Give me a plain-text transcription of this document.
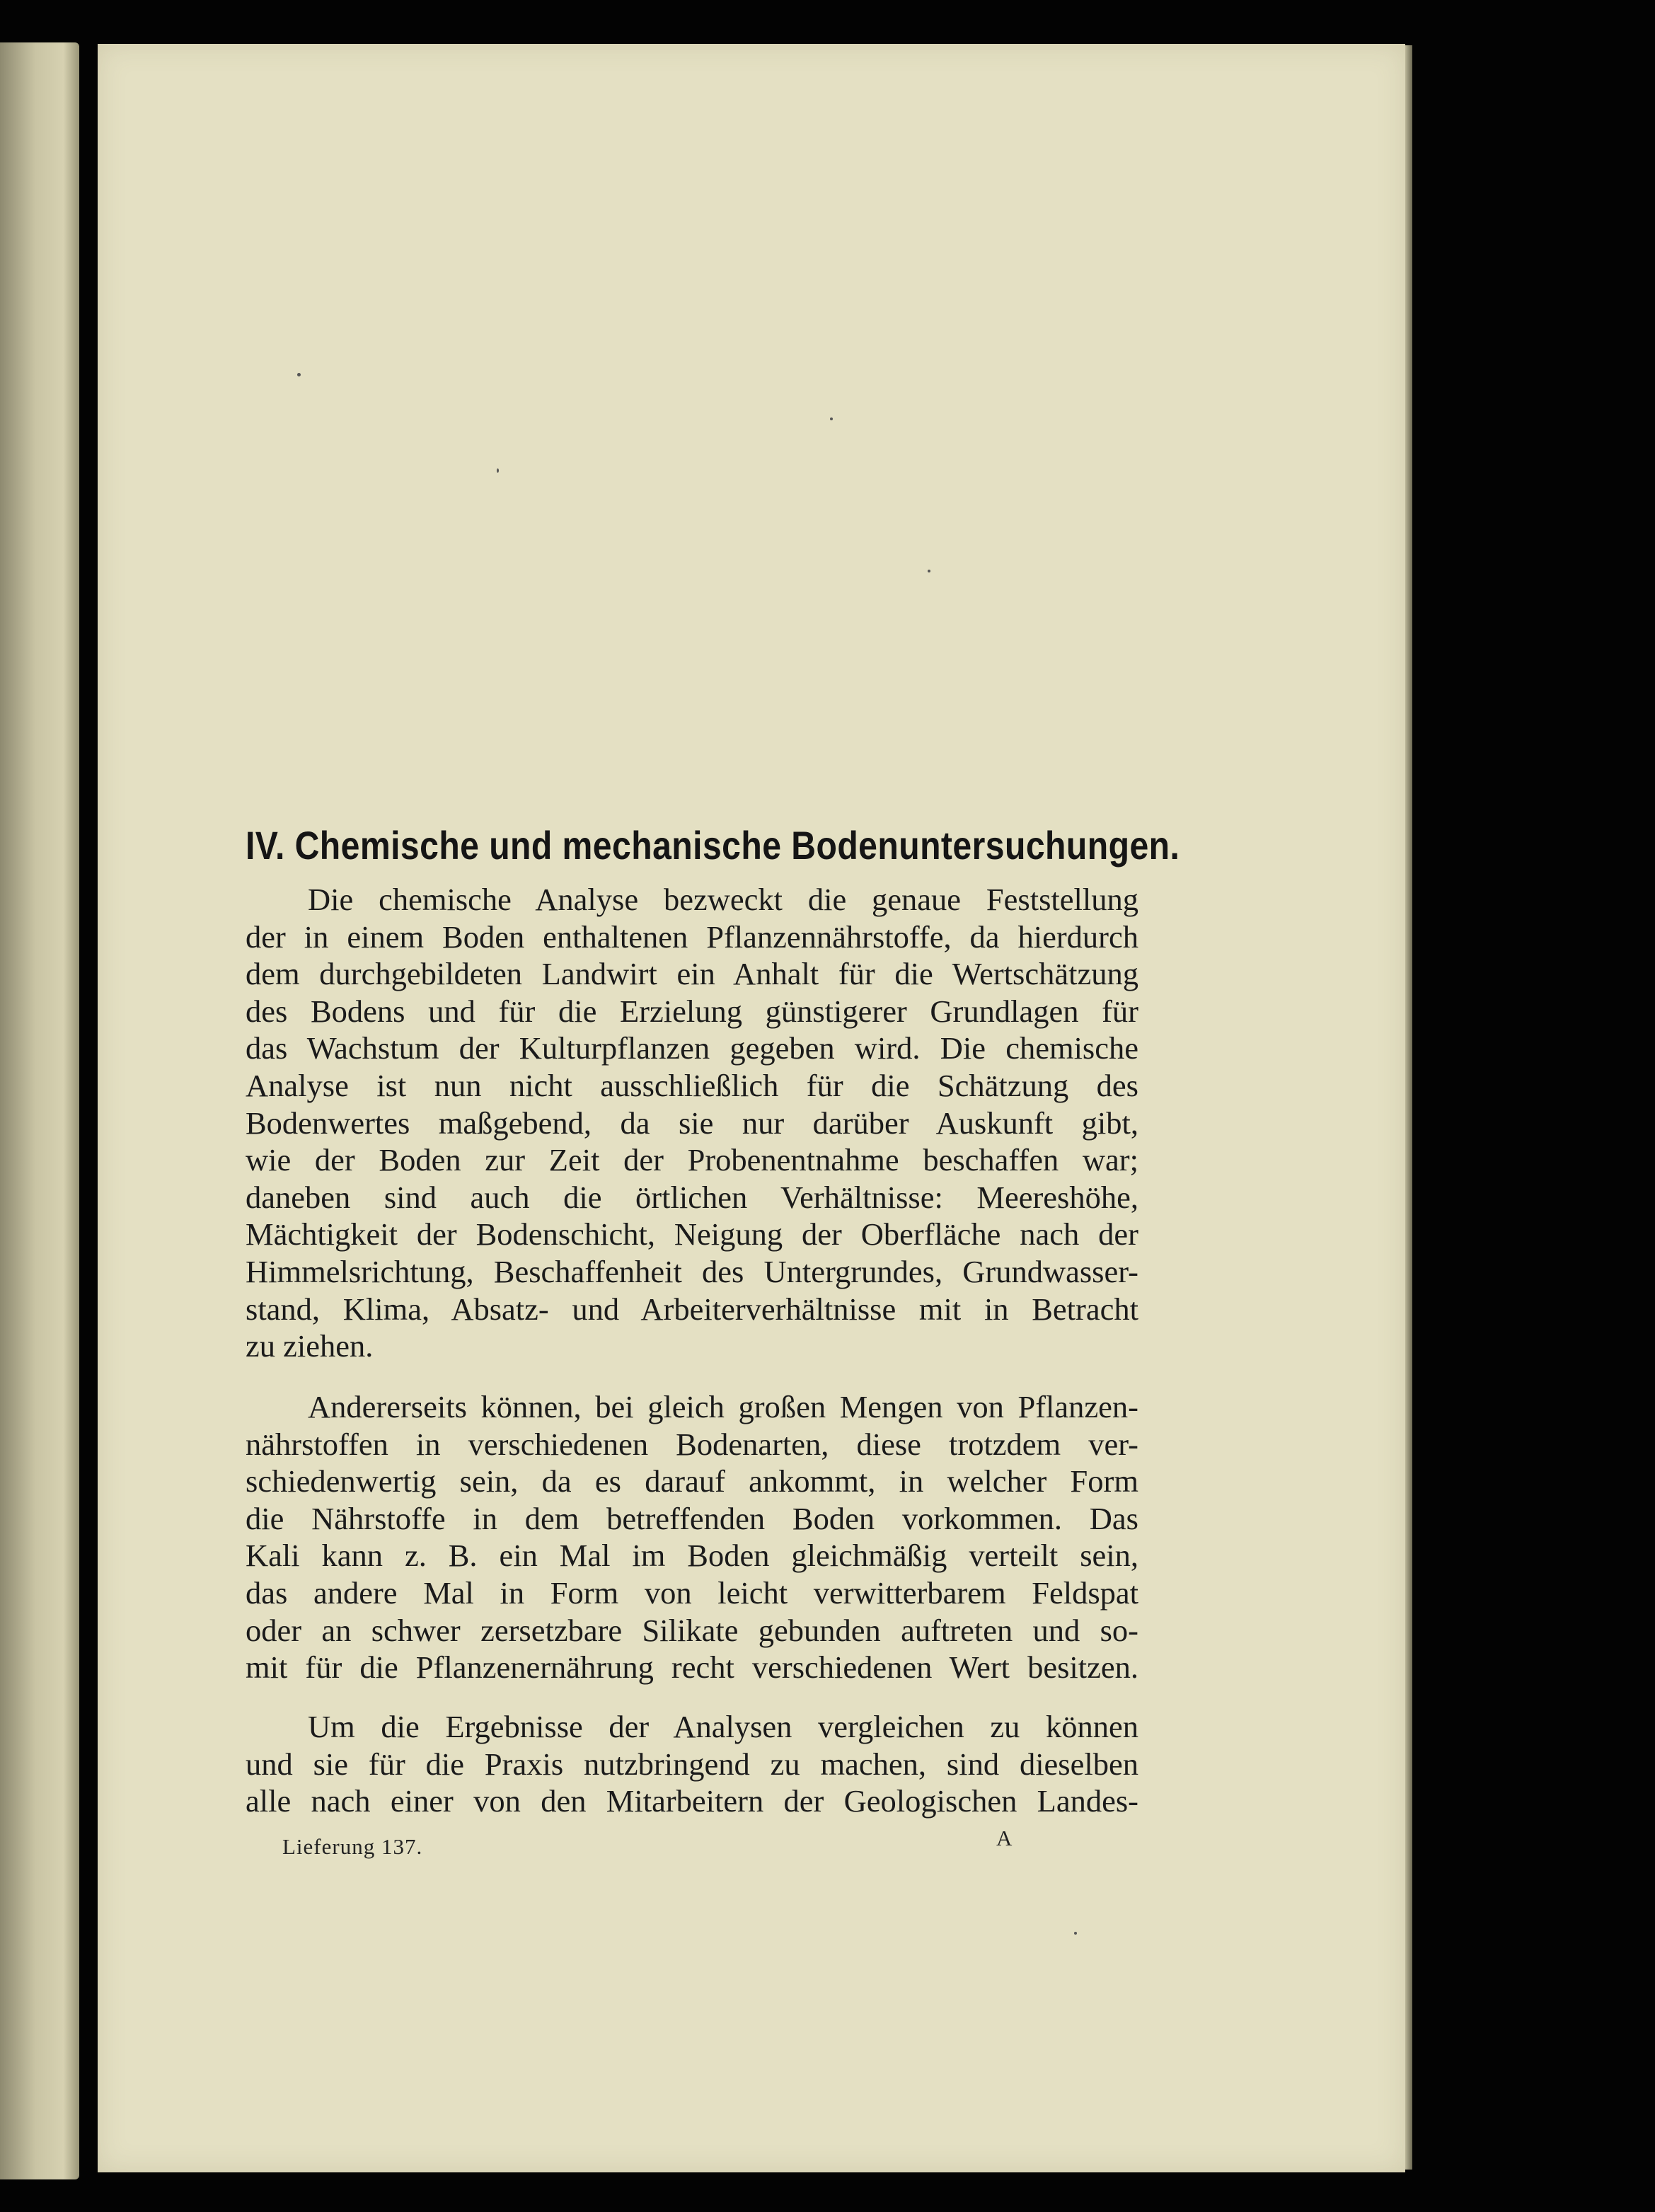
IV. Chemische und mechanische Bodenuntersuchungen.
Die chemische Analyse bezweckt die genaue Feststellung
der in einem Boden enthaltenen Pflanzennährstoffe, da hierdurch
dem durchgebildeten Landwirt ein Anhalt für die Wertschätzung
des Bodens und für die Erzielung günstigerer Grundlagen für
das Wachstum der Kulturpflanzen gegeben wird. Die chemische
Analyse ist nun nicht ausschließlich für die Schätzung des
Bodenwertes maßgebend, da sie nur darüber Auskunft gibt,
wie der Boden zur Zeit der Probenentnahme beschaffen war;
daneben sind auch die örtlichen Verhältnisse: Meereshöhe,
Mächtigkeit der Bodenschicht, Neigung der Oberfläche nach der
Himmelsrichtung, Beschaffenheit des Untergrundes, Grundwasser-
stand, Klima, Absatz- und Arbeiterverhältnisse mit in Betracht
zu ziehen.
Andererseits können, bei gleich großen Mengen von Pflanzen-
nährstoffen in verschiedenen Bodenarten, diese trotzdem ver-
schiedenwertig sein, da es darauf ankommt, in welcher Form
die Nährstoffe in dem betreffenden Boden vorkommen. Das
Kali kann z. B. ein Mal im Boden gleichmäßig verteilt sein,
das andere Mal in Form von leicht verwitterbarem Feldspat
oder an schwer zersetzbare Silikate gebunden auftreten und so-
mit für die Pflanzenernährung recht verschiedenen Wert besitzen.
Um die Ergebnisse der Analysen vergleichen zu können
und sie für die Praxis nutzbringend zu machen, sind dieselben
alle nach einer von den Mitarbeitern der Geologischen Landes-
Lieferung 137.	A
